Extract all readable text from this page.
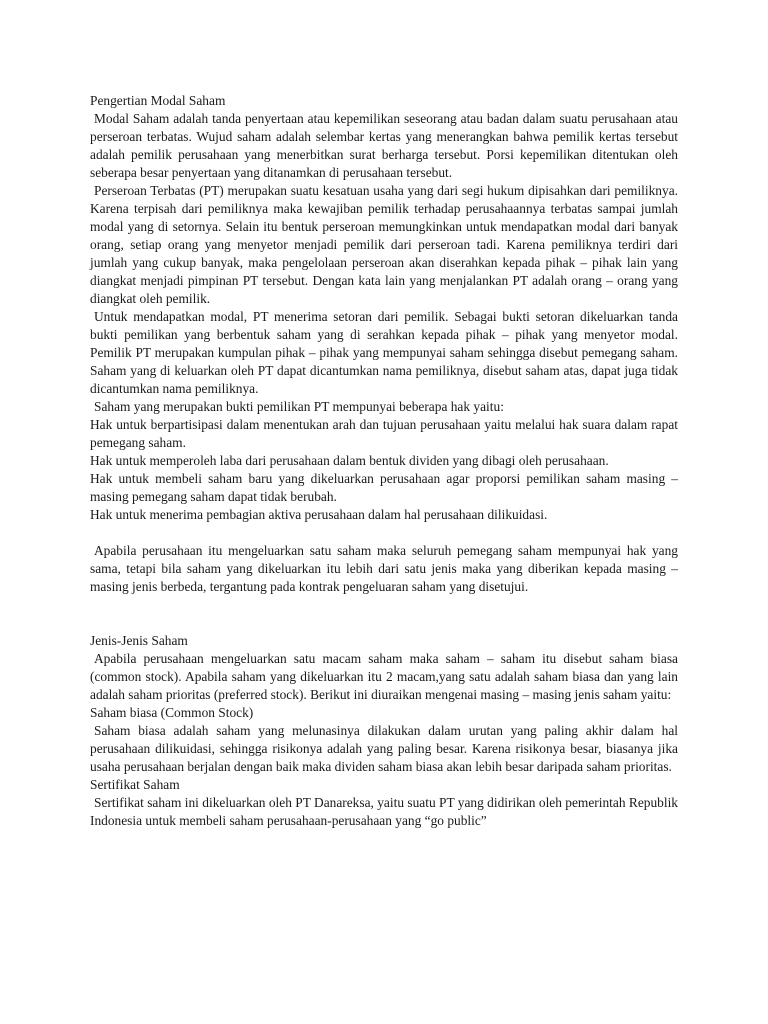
Pengertian Modal Saham

Modal Saham adalah tanda penyertaan atau kepemilikan seseorang atau badan dalam suatu perusahaan atau perseroan terbatas. Wujud saham adalah selembar kertas yang menerangkan bahwa pemilik kertas tersebut adalah pemilik perusahaan yang menerbitkan surat berharga tersebut. Porsi kepemilikan ditentukan oleh seberapa besar penyertaan yang ditanamkan di perusahaan tersebut.

Perseroan Terbatas (PT) merupakan suatu kesatuan usaha yang dari segi hukum dipisahkan dari pemiliknya. Karena terpisah dari pemiliknya maka kewajiban pemilik terhadap perusahaannya terbatas sampai jumlah modal yang di setornya. Selain itu bentuk perseroan memungkinkan untuk mendapatkan modal dari banyak orang, setiap orang yang menyetor menjadi pemilik dari perseroan tadi. Karena pemiliknya terdiri dari jumlah yang cukup banyak, maka pengelolaan perseroan akan diserahkan kepada pihak – pihak lain yang diangkat menjadi pimpinan PT tersebut. Dengan kata lain yang menjalankan PT adalah orang – orang yang diangkat oleh pemilik.

Untuk mendapatkan modal, PT menerima setoran dari pemilik. Sebagai bukti setoran dikeluarkan tanda bukti pemilikan yang berbentuk saham yang di serahkan kepada pihak – pihak yang menyetor modal. Pemilik PT merupakan kumpulan pihak – pihak yang mempunyai saham sehingga disebut pemegang saham. Saham yang di keluarkan oleh PT dapat dicantumkan nama pemiliknya, disebut saham atas, dapat juga tidak dicantumkan nama pemiliknya.

Saham yang merupakan bukti pemilikan PT mempunyai beberapa hak yaitu:

Hak untuk berpartisipasi dalam menentukan arah dan tujuan perusahaan yaitu melalui hak suara dalam rapat pemegang saham.

Hak untuk memperoleh laba dari perusahaan dalam bentuk dividen yang dibagi oleh perusahaan.

Hak untuk membeli saham baru yang dikeluarkan perusahaan agar proporsi pemilikan saham masing – masing pemegang saham dapat tidak berubah.

Hak untuk menerima pembagian aktiva perusahaan dalam hal perusahaan dilikuidasi.

Apabila perusahaan itu mengeluarkan satu saham maka seluruh pemegang saham mempunyai hak yang sama, tetapi bila saham yang dikeluarkan itu lebih dari satu jenis maka yang diberikan kepada masing – masing jenis berbeda, tergantung pada kontrak pengeluaran saham yang disetujui.

Jenis-Jenis Saham

Apabila perusahaan mengeluarkan satu macam saham maka saham – saham itu disebut saham biasa (common stock). Apabila saham yang dikeluarkan itu 2 macam,yang satu adalah saham biasa dan yang lain adalah saham prioritas (preferred stock). Berikut ini diuraikan mengenai masing – masing jenis saham yaitu:

Saham biasa (Common Stock)

Saham biasa adalah saham yang melunasinya dilakukan dalam urutan yang paling akhir dalam hal perusahaan dilikuidasi, sehingga risikonya adalah yang paling besar. Karena risikonya besar, biasanya jika usaha perusahaan berjalan dengan baik maka dividen saham biasa akan lebih besar daripada saham prioritas.

Sertifikat Saham

Sertifikat saham ini dikeluarkan oleh PT Danareksa, yaitu suatu PT yang didirikan oleh pemerintah Republik Indonesia untuk membeli saham perusahaan-perusahaan yang “go public”
